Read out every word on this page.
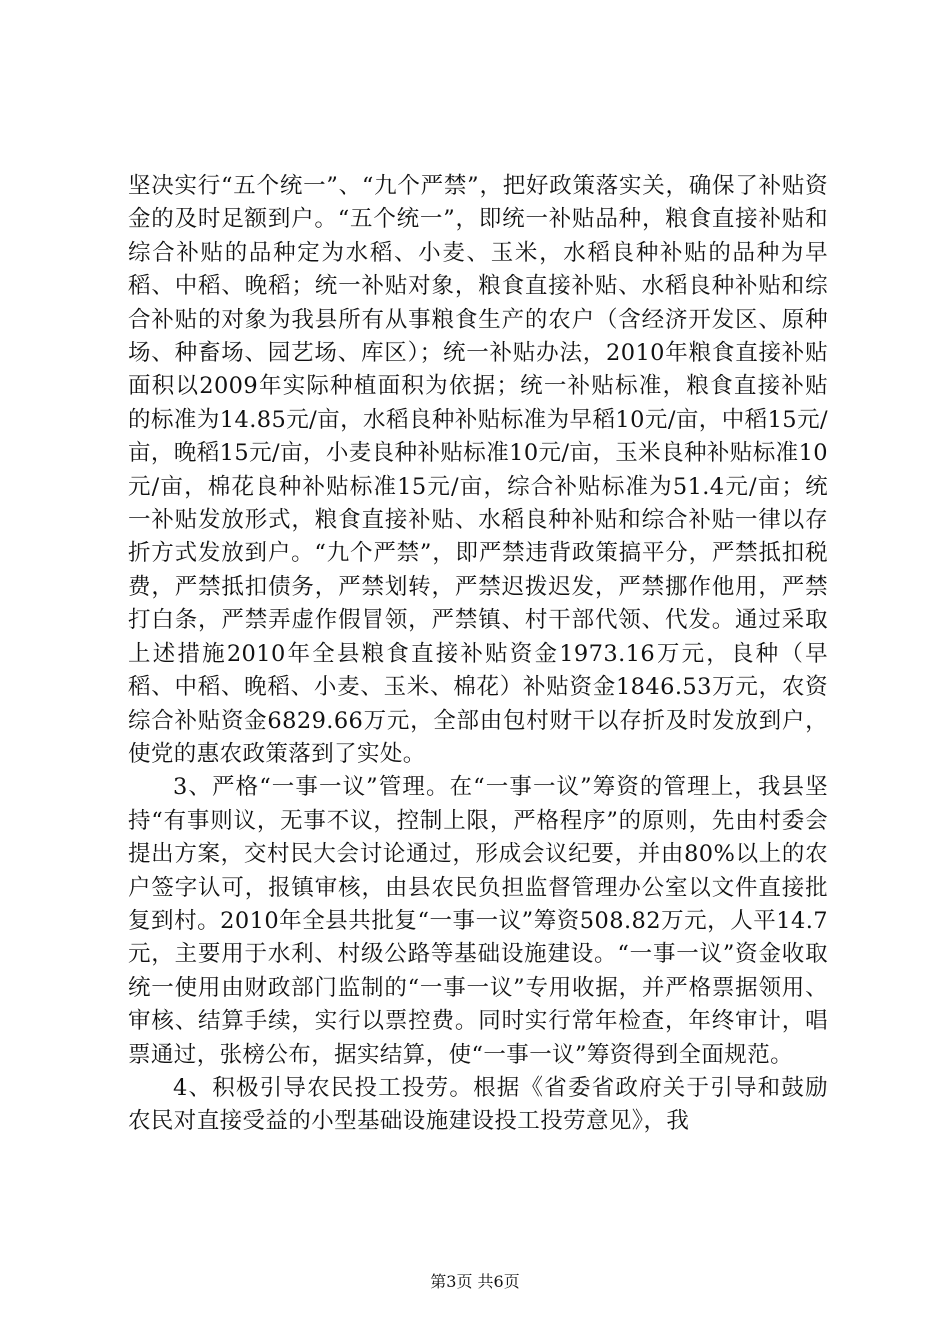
坚决实行“五个统一”、“九个严禁”，把好政策落实关，确保了补贴资金的及时足额到户。“五个统一”，即统一补贴品种，粮食直接补贴和综合补贴的品种定为水稻、小麦、玉米，水稻良种补贴的品种为早稻、中稻、晚稻；统一补贴对象，粮食直接补贴、水稻良种补贴和综合补贴的对象为我县所有从事粮食生产的农户（含经济开发区、原种场、种畜场、园艺场、库区）；统一补贴办法，2010年粮食直接补贴面积以2009年实际种植面积为依据；统一补贴标准，粮食直接补贴的标准为14.85元/亩，水稻良种补贴标准为早稻10元/亩，中稻15元/亩，晚稻15元/亩，小麦良种补贴标准10元/亩，玉米良种补贴标准10元/亩，棉花良种补贴标准15元/亩，综合补贴标准为51.4元/亩；统一补贴发放形式，粮食直接补贴、水稻良种补贴和综合补贴一律以存折方式发放到户。“九个严禁”，即严禁违背政策搞平分，严禁抵扣税费，严禁抵扣债务，严禁划转，严禁迟拨迟发，严禁挪作他用，严禁打白条，严禁弄虚作假冒领，严禁镇、村干部代领、代发。通过采取上述措施2010年全县粮食直接补贴资金1973.16万元，良种（早稻、中稻、晚稻、小麦、玉米、棉花）补贴资金1846.53万元，农资综合补贴资金6829.66万元，全部由包村财干以存折及时发放到户，使党的惠农政策落到了实处。

3、严格“一事一议”管理。在“一事一议”筹资的管理上，我县坚持“有事则议，无事不议，控制上限，严格程序”的原则，先由村委会提出方案，交村民大会讨论通过，形成会议纪要，并由80%以上的农户签字认可，报镇审核，由县农民负担监督管理办公室以文件直接批复到村。2010年全县共批复“一事一议”筹资508.82万元，人平14.7元，主要用于水利、村级公路等基础设施建设。“一事一议”资金收取统一使用由财政部门监制的“一事一议”专用收据，并严格票据领用、审核、结算手续，实行以票控费。同时实行常年检查，年终审计，唱票通过，张榜公布，据实结算，使“一事一议”筹资得到全面规范。

4、积极引导农民投工投劳。根据《省委省政府关于引导和鼓励农民对直接受益的小型基础设施建设投工投劳意见》，我

第3页 共6页
